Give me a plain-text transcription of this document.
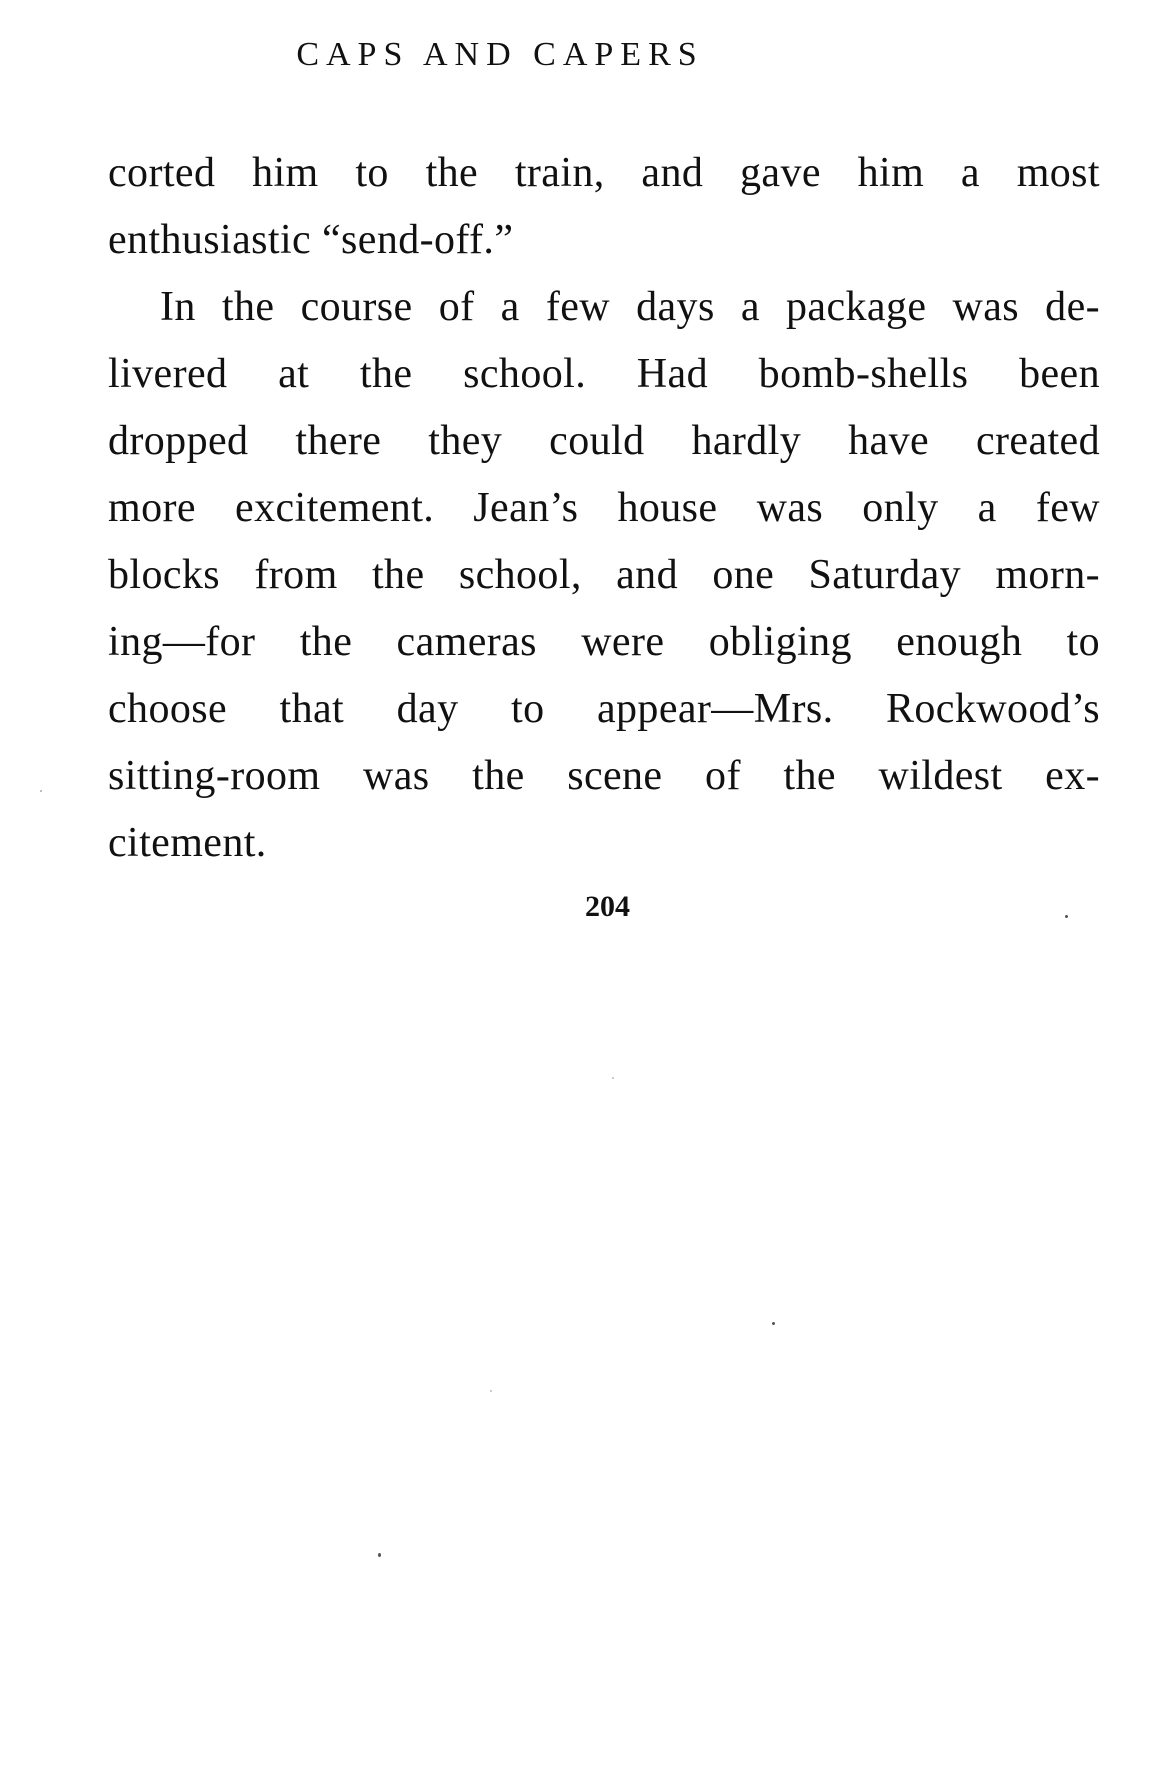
CAPS AND CAPERS
corted him to the train, and gave him a most
enthusiastic “send-off.”
In the course of a few days a package was de-
livered at the school. Had bomb-shells been
dropped there they could hardly have created
more excitement. Jean’s house was only a few
blocks from the school, and one Saturday morn-
ing—for the cameras were obliging enough to
choose that day to appear—Mrs. Rockwood’s
sitting-room was the scene of the wildest ex-
citement.
204
